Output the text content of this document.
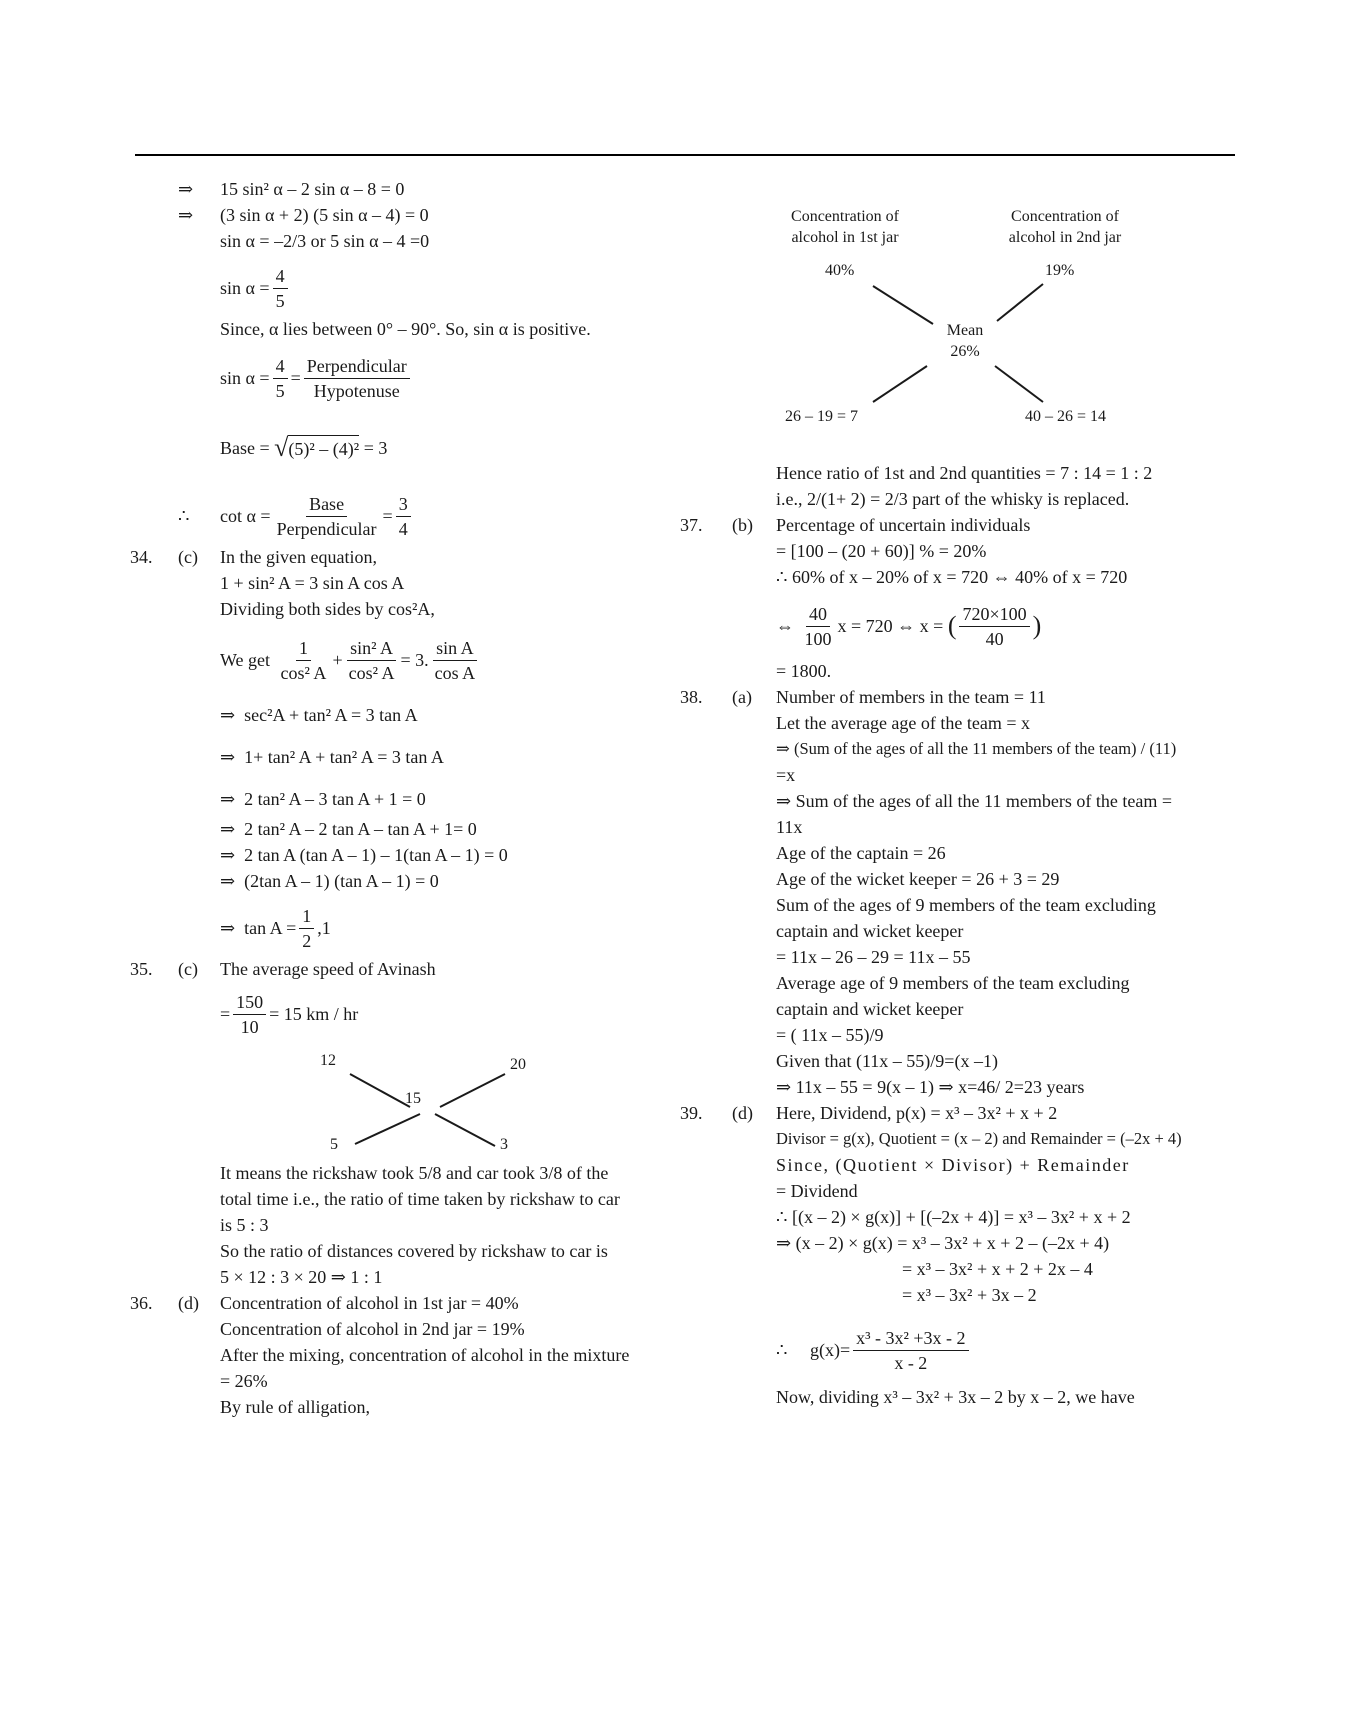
⇒ 15 sin² α – 2 sin α – 8 = 0
⇒ (3 sin α + 2) (5 sin α – 4) = 0
sin α = –2/3 or 5 sin α – 4 =0
$\sin \alpha = \frac{4}{5}$
Since, α lies between 0° – 90°. So, sin α is positive.
$\sin \alpha = \frac{4}{5} = \frac{\text{Perpendicular}}{\text{Hypotenuse}}$
Base =
√ (5)² – (4)²
= 3
∴ $\cot \alpha = \frac{\text{Base}}{\text{Perpendicular}} = \frac{3}{4}$
34. (c) In the given equation,
1 + sin² A = 3 sin A cos A
Dividing both sides by cos²A,
We get
$\frac{1}{\text{cos² A}} + \frac{\text{sin² A}}{\text{cos² A}} = 3$. $\frac{\text{sin A}}{\text{cos A}}$
⇒ sec²A + tan² A = 3 tan A
⇒ 1+ tan² A + tan² A = 3 tan A
⇒ 2 tan² A – 3 tan A + 1 = 0
⇒ 2 tan² A – 2 tan A – tan A + 1= 0
⇒ 2 tan A (tan A – 1) – 1(tan A – 1) = 0
⇒ (2tan A – 1) (tan A – 1) = 0
⇒
$\tan A = \frac{1}{2} ,1$
35. (c) The average speed of Avinash
= $\frac{150}{10} = 15$ km / hr
12	20
15
5	3
It means the rickshaw took 5/8 and car took 3/8 of the
total time i.e., the ratio of time taken by rickshaw to car
is 5 : 3
So the ratio of distances covered by rickshaw to car is
5 × 12 : 3 × 20 ⇒ 1 : 1
36. (d) Concentration of alcohol in 1st jar = 40%
Concentration of alcohol in 2nd jar = 19%
After the mixing, concentration of alcohol in the mixture
= 26%
By rule of alligation,
Concentration of
alcohol in 1st jar
Concentration of
alcohol in 2nd jar
40%	19%
Mean
26%
26 – 19 = 7	40 – 26 = 14
Hence ratio of 1st and 2nd quantities = 7 : 14 = 1 : 2
i.e., 2/(1+ 2) = 2/3 part of the whisky is replaced.
37. (b) Percentage of uncertain individuals
= [100 – (20 + 60)] % = 20%
∴ 60% of x – 20% of x = 720 ⇔ 40% of x = 720
⇔
$\frac{40}{100}$ x = 720 ⇔ x =
( $\frac{720\times 100}{40}$ )
= 1800.
38. (a) Number of members in the team = 11
Let the average age of the team = x
⇒ (Sum of the ages of all the 11 members of the team) / (11)
=x
⇒ Sum of the ages of all the 11 members of the team =
11x
Age of the captain = 26
Age of the wicket keeper = 26 + 3 = 29
Sum of the ages of 9 members of the team excluding
captain and wicket keeper
= 11x – 26 – 29 = 11x – 55
Average age of 9 members of the team excluding
captain and wicket keeper
= ( 11x – 55)/9
Given that (11x – 55)/9=(x –1)
⇒ 11x – 55 = 9(x – 1) ⇒ x=46/ 2=23 years
39. (d) Here, Dividend, p(x) = x³ – 3x² + x + 2
Divisor = g(x), Quotient = (x – 2) and Remainder = (–2x + 4)
Since, (Quotient × Divisor) + Remainder
= Dividend
∴ [(x – 2) × g(x)] + [(–2x + 4)] = x³ – 3x² + x + 2
⇒ (x – 2) × g(x) = x³ – 3x² + x + 2 – (–2x + 4)
= x³ – 3x² + x + 2 + 2x – 4
= x³ – 3x² + 3x – 2
∴
$g(x)= \frac{\text{x³ - 3x² +3x - 2}}{x - 2}$
Now, dividing x³ – 3x² + 3x – 2 by x – 2, we have
